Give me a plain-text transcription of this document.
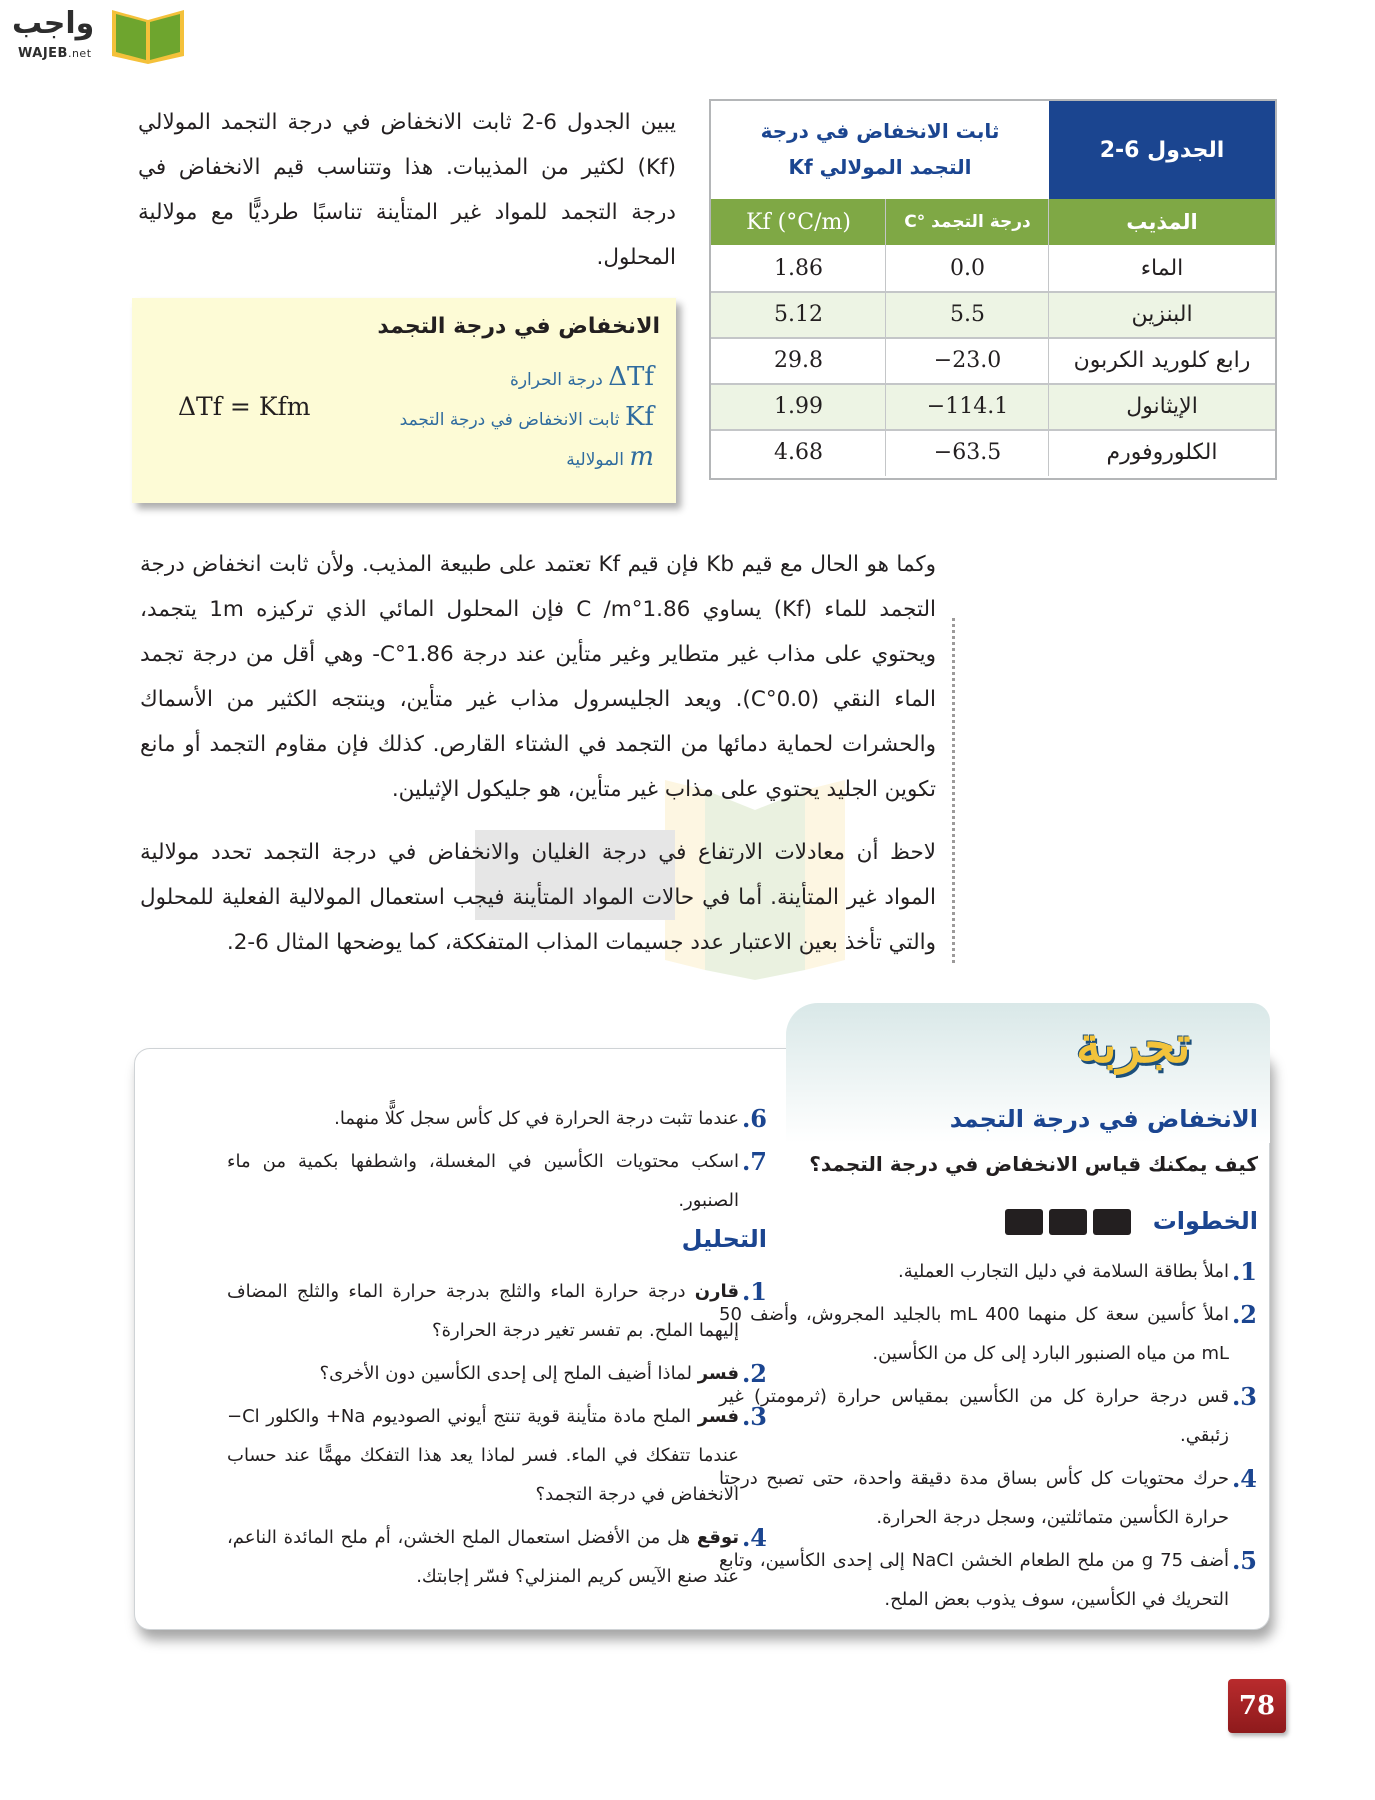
واجب
WAJEB.net
يبين الجدول 6-2 ثابت الانخفاض في درجة التجمد المولالي (Kf) لكثير من المذيبات. هذا وتتناسب قيم الانخفاض في درجة التجمد للمواد غير المتأينة تناسبًا طرديًّا مع مولالية المحلول.
الانخفاض في درجة التجمد
ΔTf درجة الحرارة
Kf ثابت الانخفاض في درجة التجمد
m المولالية
ΔTf = Kfm
الجدول 6-2
ثابت الانخفاض في درجة
التجمد المولالي Kf
المذيب
درجة التجمد °C
Kf (°C/m)
الماء
0.0
1.86
البنزين
5.5
5.12
رابع كلوريد الكربون
−23.0
29.8
الإيثانول
−114.1
1.99
الكلوروفورم
−63.5
4.68
وكما هو الحال مع قيم Kb فإن قيم Kf تعتمد على طبيعة المذيب. ولأن ثابت انخفاض درجة التجمد للماء (Kf) يساوي 1.86°C /m فإن المحلول المائي الذي تركيزه 1m يتجمد، ويحتوي على مذاب غير متطاير وغير متأين عند درجة 1.86°C- وهي أقل من درجة تجمد الماء النقي (0.0°C). ويعد الجليسرول مذاب غير متأين، وينتجه الكثير من الأسماك والحشرات لحماية دمائها من التجمد في الشتاء القارص. كذلك فإن مقاوم التجمد أو مانع تكوين الجليد يحتوي على مذاب غير متأين، هو جليكول الإثيلين.
لاحظ أن معادلات الارتفاع في درجة الغليان والانخفاض في درجة التجمد تحدد مولالية المواد غير المتأينة. أما في حالات المواد المتأينة فيجب استعمال المولالية الفعلية للمحلول والتي تأخذ بعين الاعتبار عدد جسيمات المذاب المتفككة، كما يوضحها المثال 6-2.
تجربة
الانخفاض في درجة التجمد
كيف يمكنك قياس الانخفاض في درجة التجمد؟
الخطوات
1.
املأ بطاقة السلامة في دليل التجارب العملية.
2.
املأ كأسين سعة كل منهما 400 mL بالجليد المجروش، وأضف 50 mL من مياه الصنبور البارد إلى كل من الكأسين.
3.
قس درجة حرارة كل من الكأسين بمقياس حرارة (ثرمومتر) غير زئبقي.
4.
حرك محتويات كل كأس بساق مدة دقيقة واحدة، حتى تصبح درجتا حرارة الكأسين متماثلتين، وسجل درجة الحرارة.
5.
أضف 75 g من ملح الطعام الخشن NaCl إلى إحدى الكأسين، وتابع التحريك في الكأسين، سوف يذوب بعض الملح.
6.
عندما تثبت درجة الحرارة في كل كأس سجل كلًّا منهما.
7.
اسكب محتويات الكأسين في المغسلة، واشطفها بكمية من ماء الصنبور.
التحليل
1.
قارن درجة حرارة الماء والثلج بدرجة حرارة الماء والثلج المضاف إليهما الملح. بم تفسر تغير درجة الحرارة؟
2.
فسر لماذا أضيف الملح إلى إحدى الكأسين دون الأخرى؟
3.
فسر الملح مادة متأينة قوية تنتج أيوني الصوديوم Na+ والكلور Cl− عندما تتفكك في الماء. فسر لماذا يعد هذا التفكك مهمًّا عند حساب الانخفاض في درجة التجمد؟
4.
توقع هل من الأفضل استعمال الملح الخشن، أم ملح المائدة الناعم، عند صنع الآيس كريم المنزلي؟ فسّر إجابتك.
78
